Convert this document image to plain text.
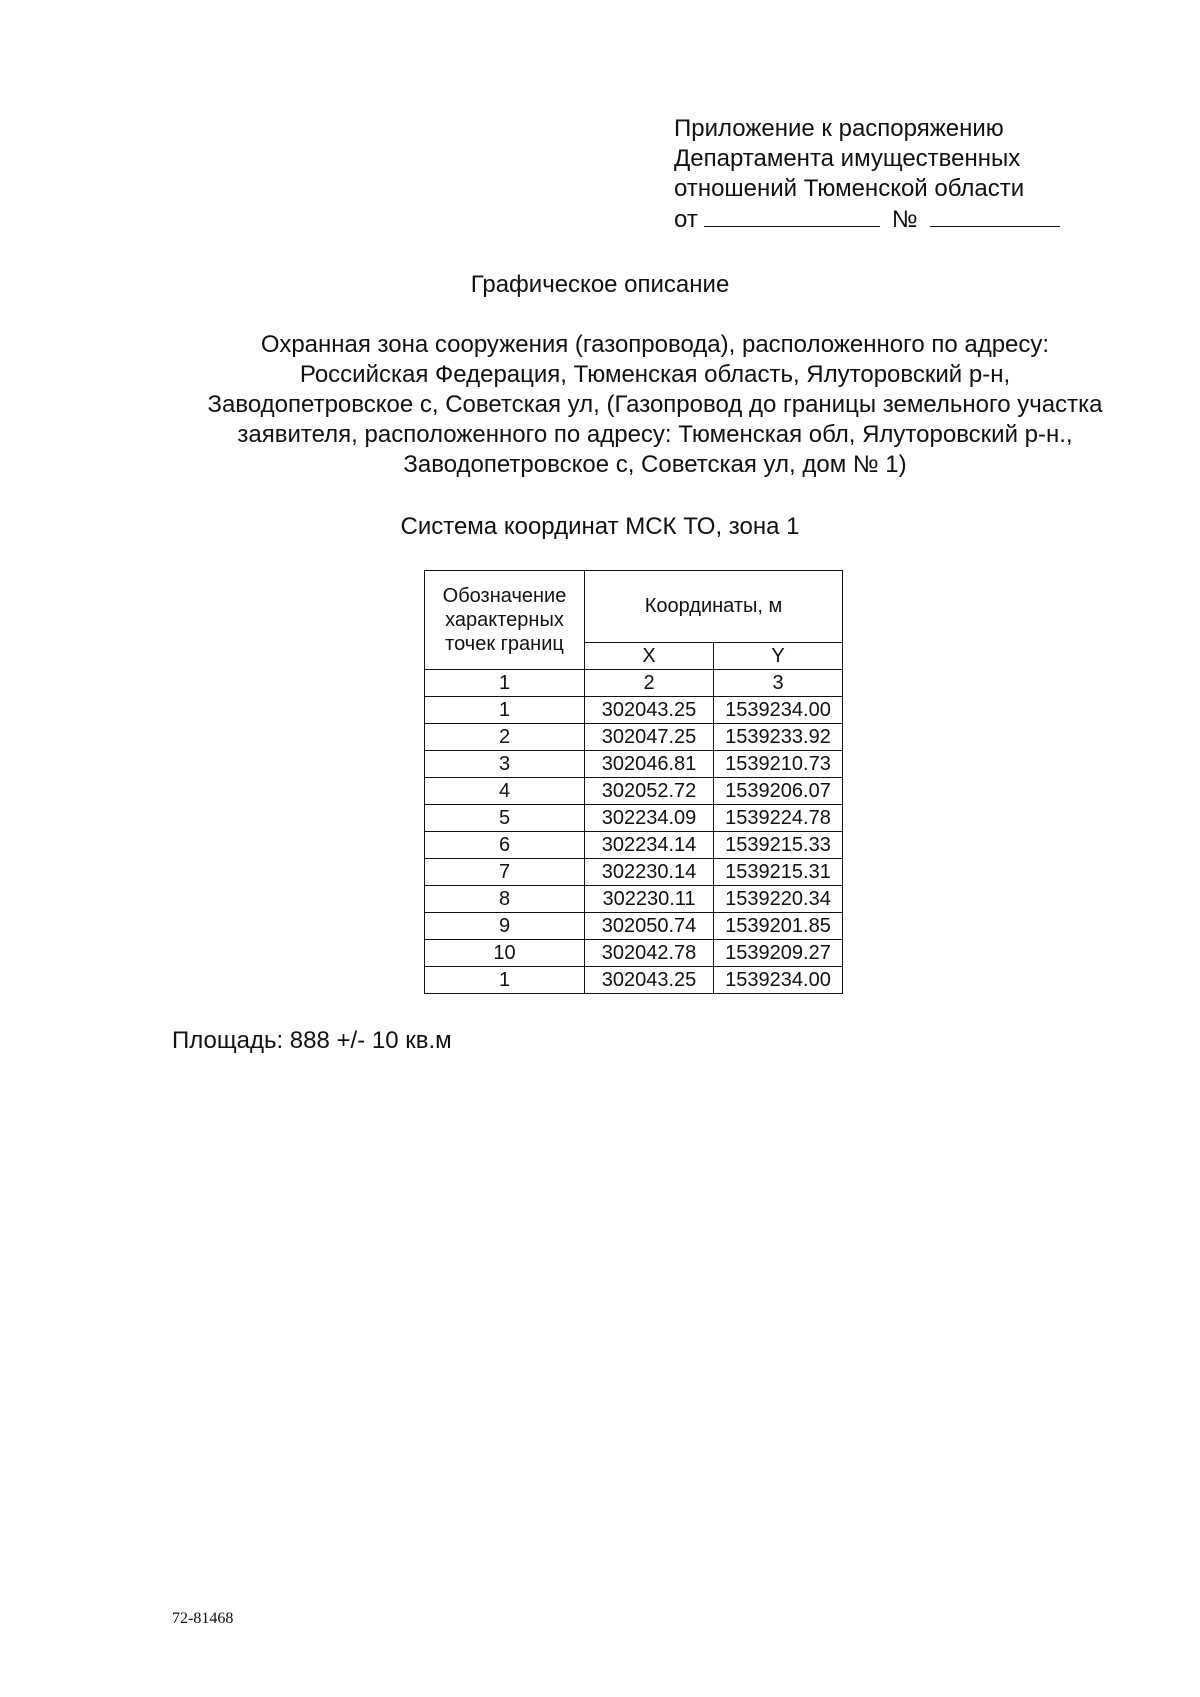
Приложение к распоряжению
Департамента имущественных
отношений Тюменской области
от	№
Графическое описание
Охранная зона сооружения (газопровода), расположенного по адресу:
Российская Федерация, Тюменская область, Ялуторовский р-н,
Заводопетровское с, Советская ул, (Газопровод до границы земельного участка
заявителя, расположенного по адресу: Тюменская обл, Ялуторовский р-н.,
Заводопетровское с, Советская ул, дом № 1)
Система координат МСК ТО, зона 1
Обозначение
характерных
точек границ	Координаты, м	
	X	Y
1	2	3
1	302043.25	1539234.00
2	302047.25	1539233.92
3	302046.81	1539210.73
4	302052.72	1539206.07
5	302234.09	1539224.78
6	302234.14	1539215.33
7	302230.14	1539215.31
8	302230.11	1539220.34
9	302050.74	1539201.85
10	302042.78	1539209.27
1	302043.25	1539234.00
Площадь: 888 +/- 10 кв.м
72-81468
